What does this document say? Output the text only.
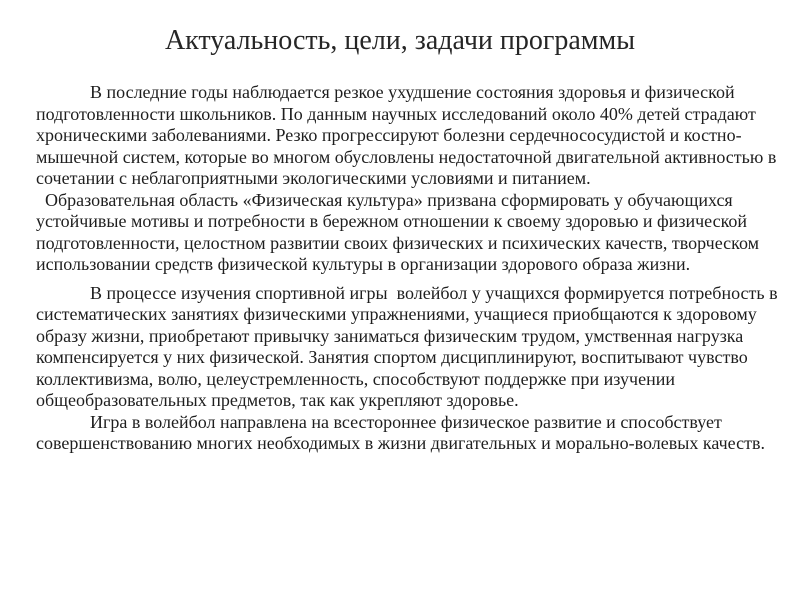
Актуальность, цели, задачи программы

В последние годы наблюдается резкое ухудшение состояния здоровья и физической подготовленности школьников. По данным научных исследований около 40% детей страдают хроническими заболеваниями. Резко прогрессируют болезни сердечнососудистой и костно-мышечной систем, которые во многом обусловлены недостаточной двигательной активностью в сочетании с неблагоприятными экологическими условиями и питанием.

Образовательная область «Физическая культура» призвана сформировать у обучающихся устойчивые мотивы и потребности в бережном отношении к своему здоровью и физической подготовленности, целостном развитии своих физических и психических качеств, творческом использовании средств физической культуры в организации здорового образа жизни.

В процессе изучения спортивной игры  волейбол у учащихся формируется потребность в систематических занятиях физическими упражнениями, учащиеся приобщаются к здоровому образу жизни, приобретают привычку заниматься физическим трудом, умственная нагрузка компенсируется у них физической. Занятия спортом дисциплинируют, воспитывают чувство коллективизма, волю, целеустремленность, способствуют поддержке при изучении общеобразовательных предметов, так как укрепляют здоровье.

Игра в волейбол направлена на всестороннее физическое развитие и способствует совершенствованию многих необходимых в жизни двигательных и морально-волевых качеств.
